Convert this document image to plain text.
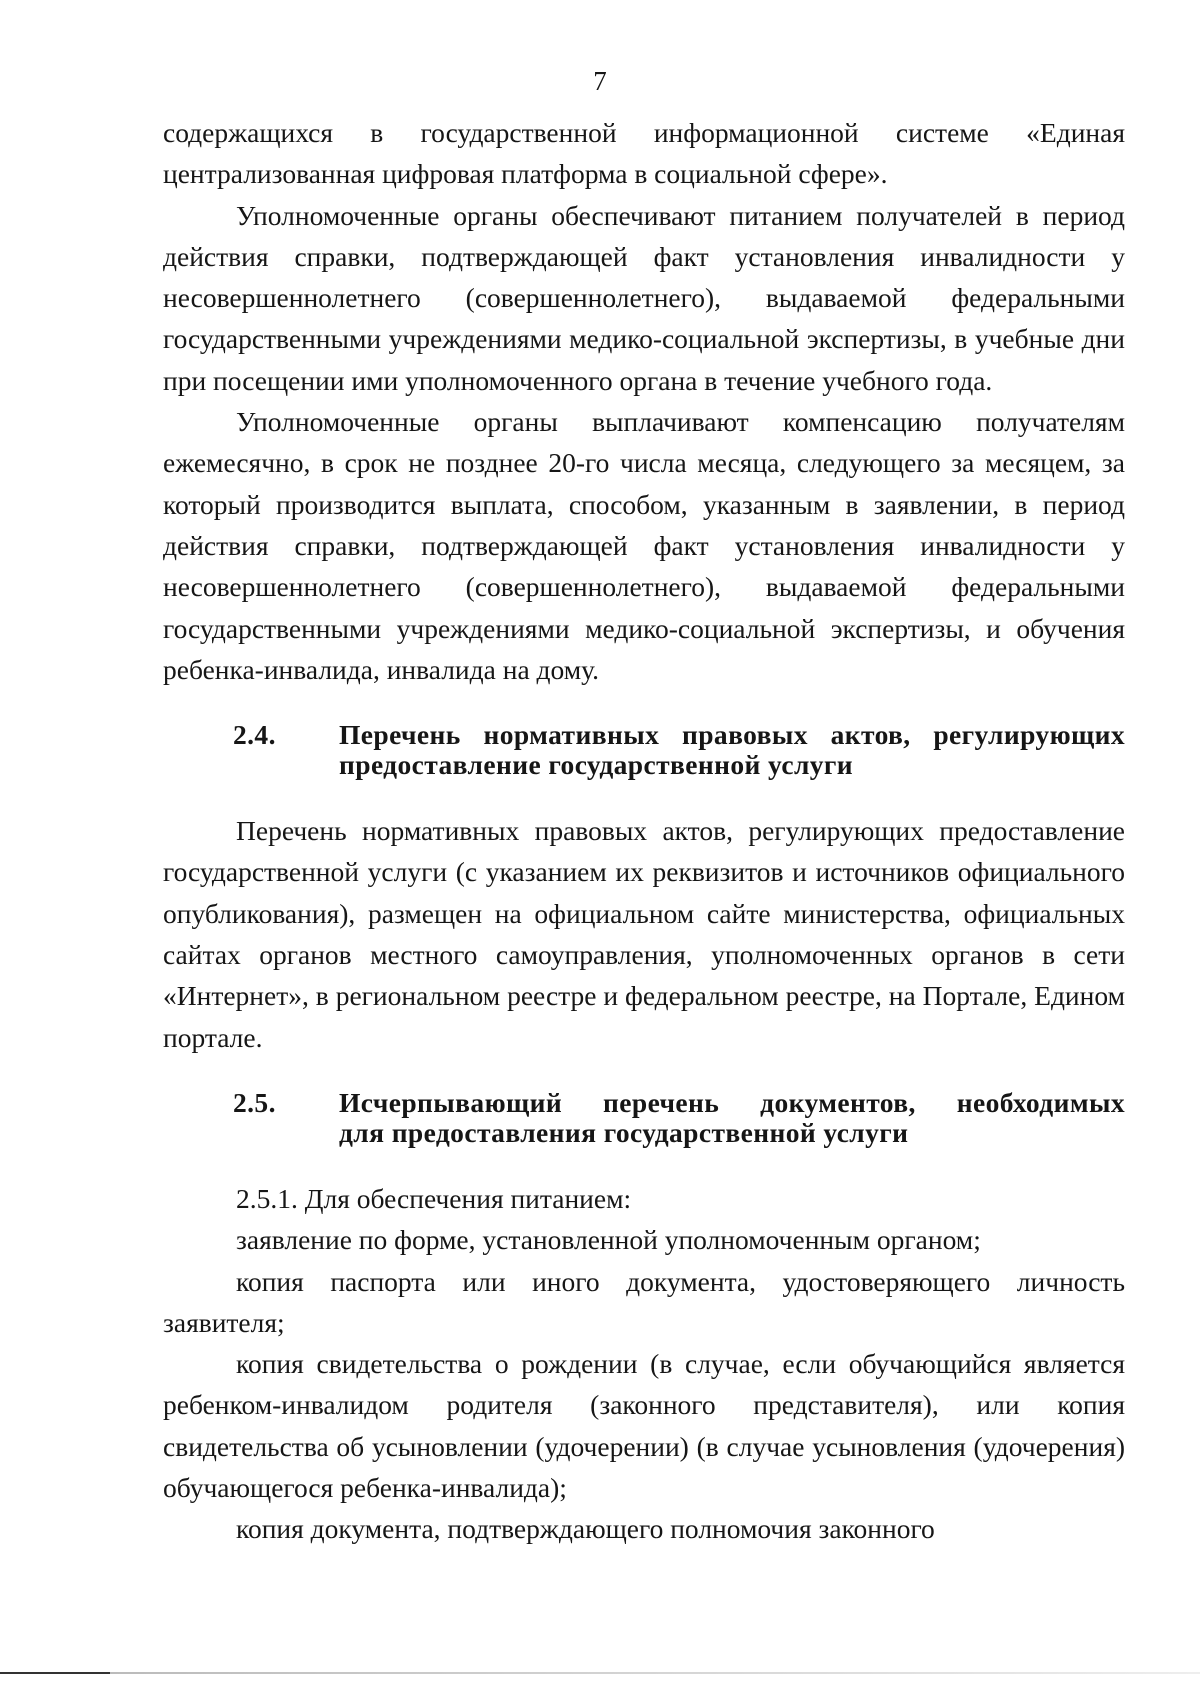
7

содержащихся в государственной информационной системе «Единая централизованная цифровая платформа в социальной сфере».

Уполномоченные органы обеспечивают питанием получателей в период действия справки, подтверждающей факт установления инвалидности у несовершеннолетнего (совершеннолетнего), выдаваемой федеральными государственными учреждениями медико-социальной экспертизы, в учебные дни при посещении ими уполномоченного органа в течение учебного года.

Уполномоченные органы выплачивают компенсацию получателям ежемесячно, в срок не позднее 20-го числа месяца, следующего за месяцем, за который производится выплата, способом, указанным в заявлении, в период действия справки, подтверждающей факт установления инвалидности у несовершеннолетнего (совершеннолетнего), выдаваемой федеральными государственными учреждениями медико-социальной экспертизы, и обучения ребенка-инвалида, инвалида на дому.

2.4.	Перечень нормативных правовых актов, регулирующих
предоставление государственной услуги

Перечень нормативных правовых актов, регулирующих предоставление государственной услуги (с указанием их реквизитов и источников официального опубликования), размещен на официальном сайте министерства, официальных сайтах органов местного самоуправления, уполномоченных органов в сети «Интернет», в региональном реестре и федеральном реестре, на Портале, Едином портале.

2.5.	Исчерпывающий перечень документов, необходимых
для предоставления государственной услуги

2.5.1. Для обеспечения питанием:

заявление по форме, установленной уполномоченным органом;

копия паспорта или иного документа, удостоверяющего личность заявителя;

копия свидетельства о рождении (в случае, если обучающийся является ребенком-инвалидом родителя (законного представителя), или копия свидетельства об усыновлении (удочерении) (в случае усыновления (удочерения) обучающегося ребенка-инвалида);

копия документа, подтверждающего полномочия законного
